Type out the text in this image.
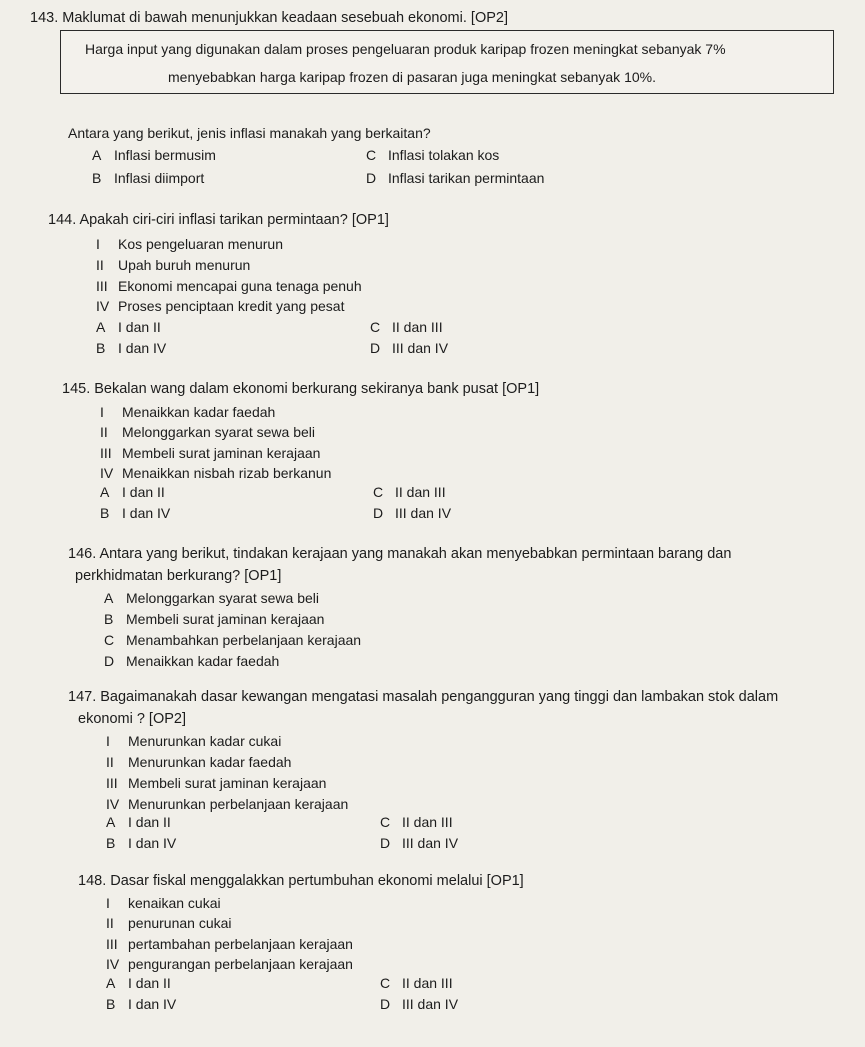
143. Maklumat di bawah menunjukkan keadaan sesebuah ekonomi. [OP2]
Harga input yang digunakan dalam proses pengeluaran produk karipap frozen meningkat sebanyak 7%
menyebabkan harga karipap frozen di pasaran juga meningkat sebanyak 10%.
Antara yang berikut, jenis inflasi manakah yang berkaitan?
A Inflasi bermusim
B Inflasi diimport
C Inflasi tolakan kos
D Inflasi tarikan permintaan
144. Apakah ciri-ciri inflasi tarikan permintaan? [OP1]
I Kos pengeluaran menurun
II Upah buruh menurun
III Ekonomi mencapai guna tenaga penuh
IV Proses penciptaan kredit yang pesat
A I dan II
B I dan IV
C II dan III
D III dan IV
145. Bekalan wang dalam ekonomi berkurang sekiranya bank pusat [OP1]
I Menaikkan kadar faedah
II Melonggarkan syarat sewa beli
III Membeli surat jaminan kerajaan
IV Menaikkan nisbah rizab berkanun
A I dan II
B I dan IV
C II dan III
D III dan IV
146. Antara yang berikut, tindakan kerajaan yang manakah akan menyebabkan permintaan barang dan
perkhidmatan berkurang? [OP1]
A Melonggarkan syarat sewa beli
B Membeli surat jaminan kerajaan
C Menambahkan perbelanjaan kerajaan
D Menaikkan kadar faedah
147. Bagaimanakah dasar kewangan mengatasi masalah pengangguran yang tinggi dan lambakan stok dalam
ekonomi ? [OP2]
I Menurunkan kadar cukai
II Menurunkan kadar faedah
III Membeli surat jaminan kerajaan
IV Menurunkan perbelanjaan kerajaan
A I dan II
B I dan IV
C II dan III
D III dan IV
148. Dasar fiskal menggalakkan pertumbuhan ekonomi melalui [OP1]
I kenaikan cukai
II penurunan cukai
III pertambahan perbelanjaan kerajaan
IV pengurangan perbelanjaan kerajaan
A I dan II
B I dan IV
C II dan III
D III dan IV
